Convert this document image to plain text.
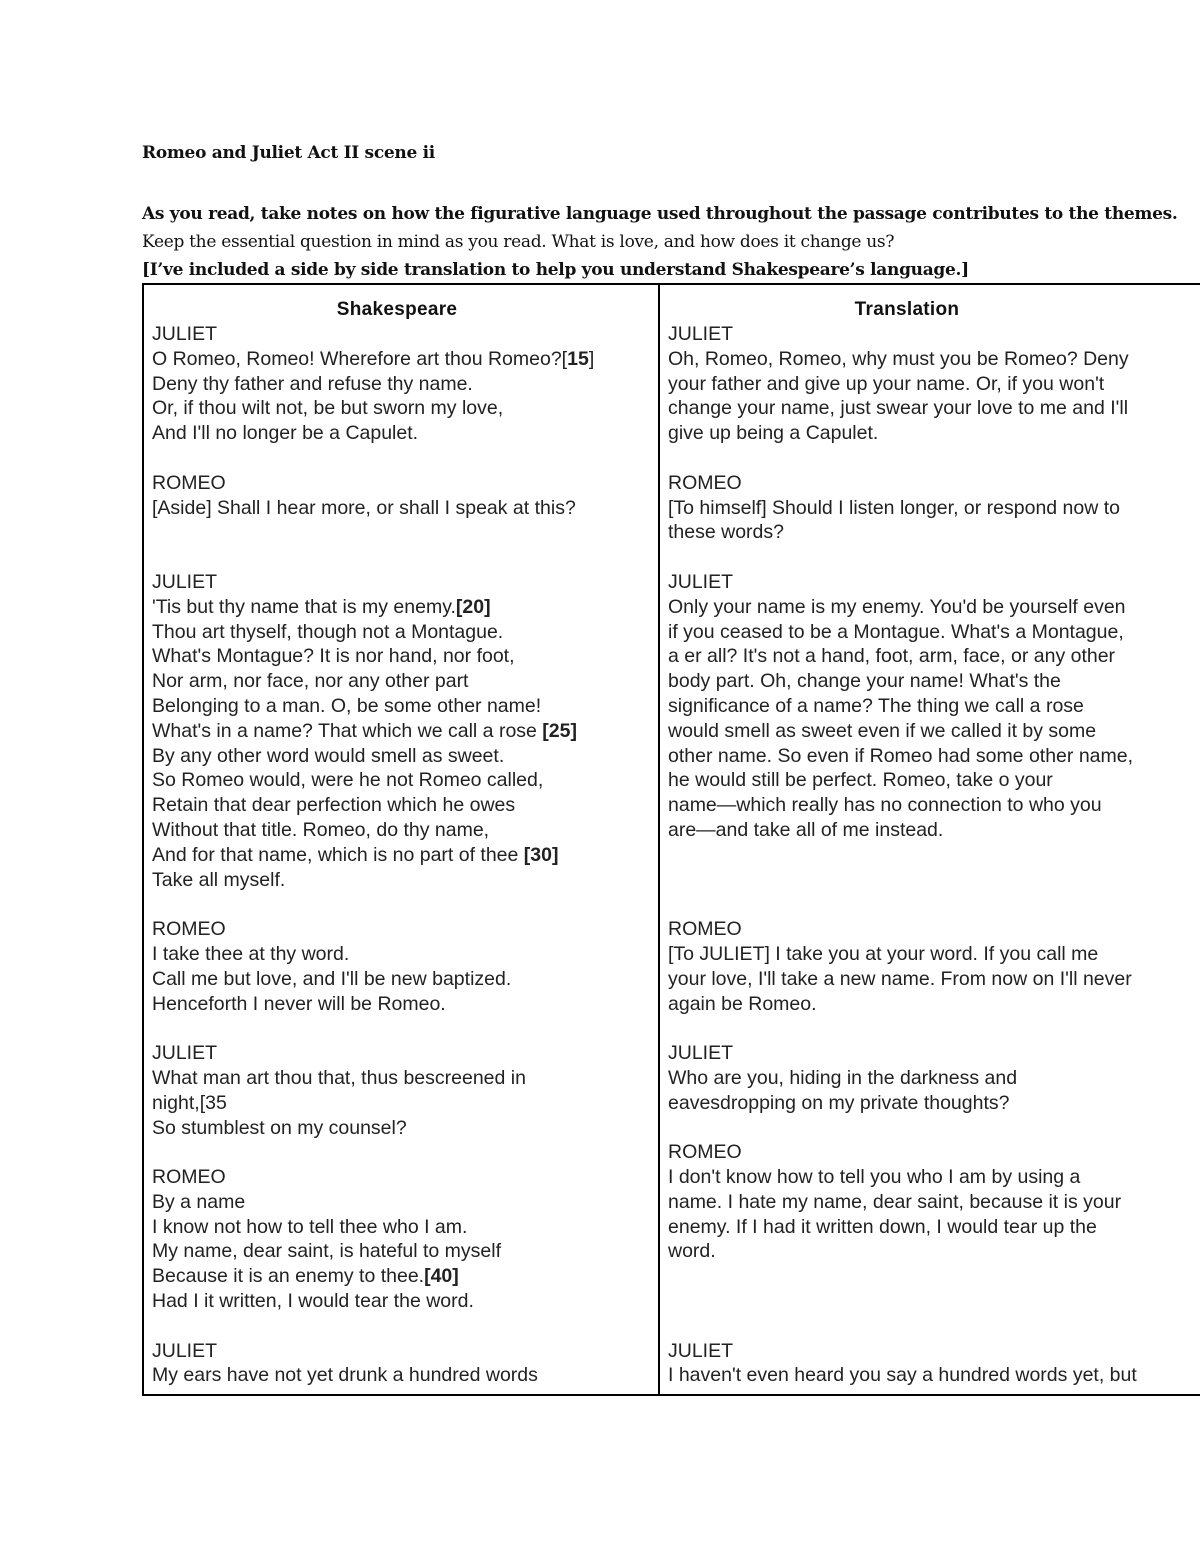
Romeo and Juliet Act II scene ii
As you read, take notes on how the figurative language used throughout the passage contributes to the themes. Keep the essential question in mind as you read. What is love, and how does it change us?
[I’ve included a side by side translation to help you understand Shakespeare’s language.]
Shakespeare
JULIET
O Romeo, Romeo! Wherefore art thou Romeo?[15]
Deny thy father and refuse thy name.
Or, if thou wilt not, be but sworn my love,
And I'll no longer be a Capulet.
ROMEO
[Aside] Shall I hear more, or shall I speak at this?
JULIET
'Tis but thy name that is my enemy.[20]
Thou art thyself, though not a Montague.
What's Montague? It is nor hand, nor foot,
Nor arm, nor face, nor any other part
Belonging to a man. O, be some other name!
What's in a name? That which we call a rose [25]
By any other word would smell as sweet.
So Romeo would, were he not Romeo called,
Retain that dear perfection which he owes
Without that title. Romeo, do thy name,
And for that name, which is no part of thee [30]
Take all myself.
ROMEO
I take thee at thy word.
Call me but love, and I'll be new baptized.
Henceforth I never will be Romeo.
JULIET
What man art thou that, thus bescreened in
night,[35
So stumblest on my counsel?
ROMEO
By a name
I know not how to tell thee who I am.
My name, dear saint, is hateful to myself
Because it is an enemy to thee.[40]
Had I it written, I would tear the word.
JULIET
My ears have not yet drunk a hundred words
Translation
JULIET
Oh, Romeo, Romeo, why must you be Romeo? Deny
your father and give up your name. Or, if you won't
change your name, just swear your love to me and I'll
give up being a Capulet.
ROMEO
[To himself] Should I listen longer, or respond now to
these words?
JULIET
Only your name is my enemy. You'd be yourself even
if you ceased to be a Montague. What's a Montague,
a er all? It's not a hand, foot, arm, face, or any other
body part. Oh, change your name! What's the
significance of a name? The thing we call a rose
would smell as sweet even if we called it by some
other name. So even if Romeo had some other name,
he would still be perfect. Romeo, take o your
name—which really has no connection to who you
are—and take all of me instead.
ROMEO
[To JULIET] I take you at your word. If you call me
your love, I'll take a new name. From now on I'll never
again be Romeo.
JULIET
Who are you, hiding in the darkness and
eavesdropping on my private thoughts?
ROMEO
I don't know how to tell you who I am by using a
name. I hate my name, dear saint, because it is your
enemy. If I had it written down, I would tear up the
word.
JULIET
I haven't even heard you say a hundred words yet, but
